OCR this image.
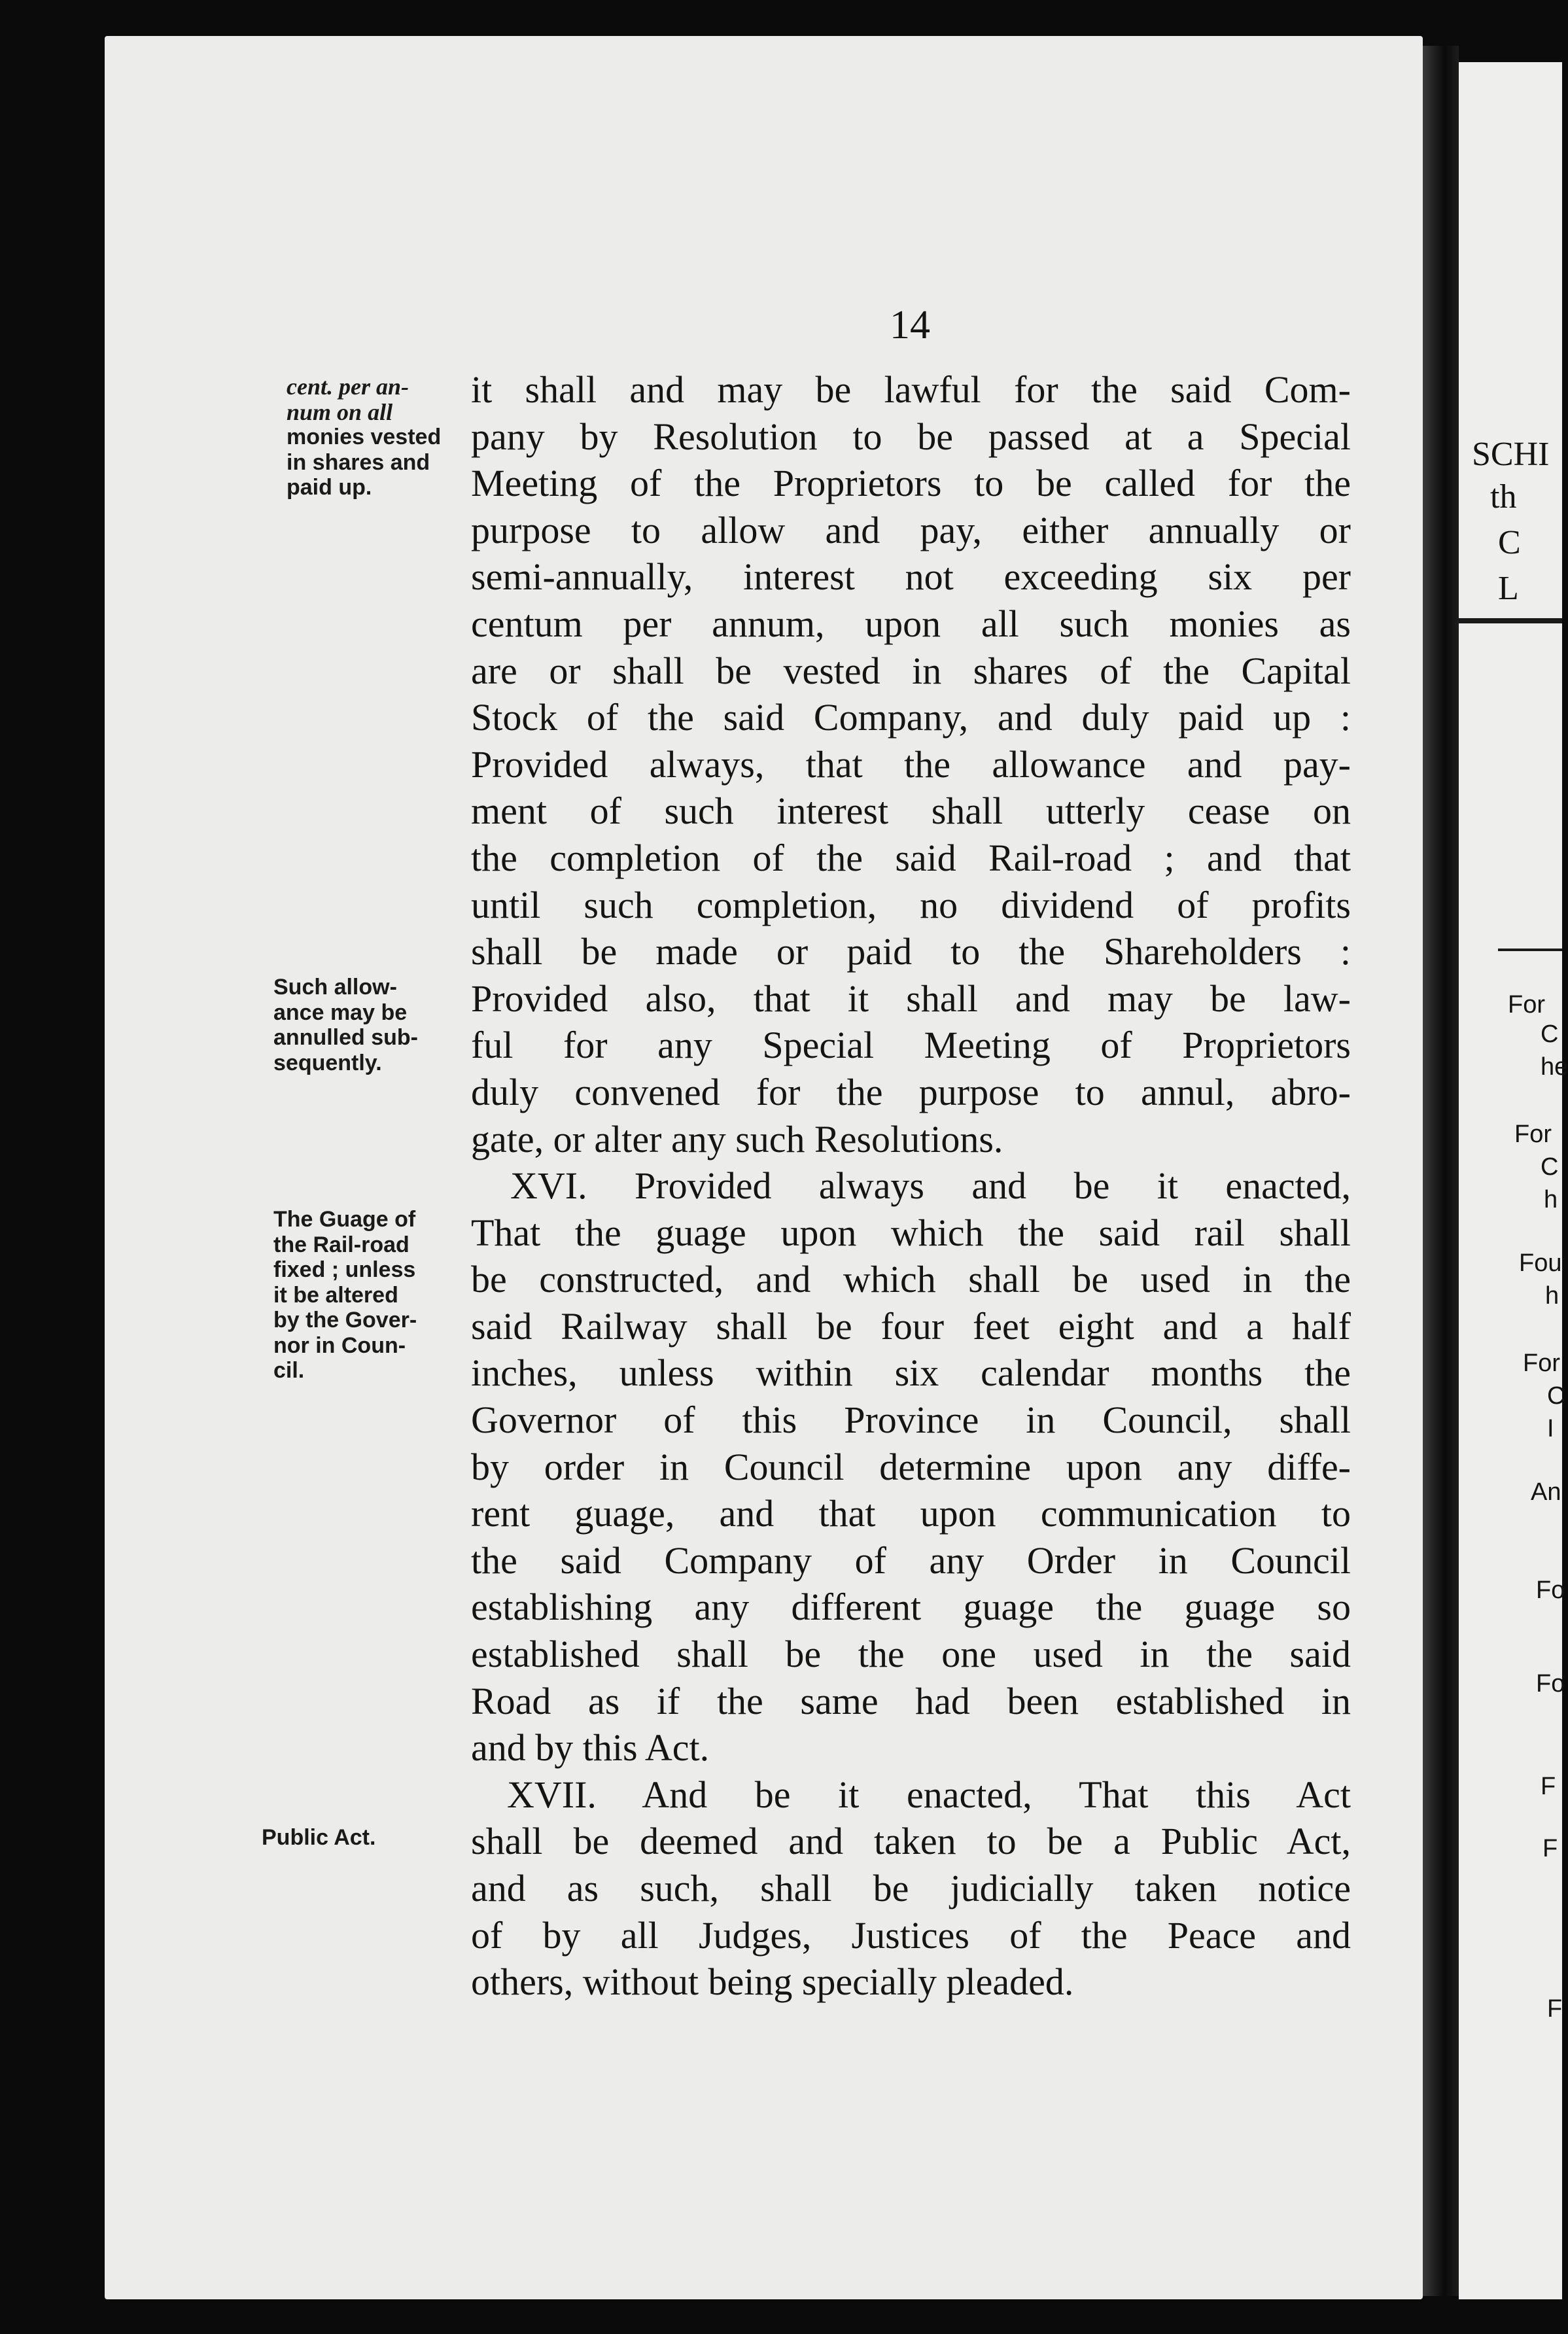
SCHI
th
C
L
For
C
he
For
C
h
Fou
h
For
C
I
An
Fo
Fo
F
F
F
14
cent. per an-
num on all
monies vested
in shares and
paid up.
Such allow-
ance may be
annulled sub-
sequently.
The Guage of
the Rail-road
fixed ; unless
it be altered
by the Gover-
nor in Coun-
cil.
Public Act.
it shall and may be lawful for the said Com-
pany by Resolution to be passed at a Special
Meeting of the Proprietors to be called for the
purpose to allow and pay, either annually or
semi-annually, interest not exceeding six per
centum per annum, upon all such monies as
are or shall be vested in shares of the Capital
Stock of the said Company, and duly paid up :
Provided always, that the allowance and pay-
ment of such interest shall utterly cease on
the completion of the said Rail-road ; and that
until such completion, no dividend of profits
shall be made or paid to the Shareholders :
Provided also, that it shall and may be law-
ful for any Special Meeting of Proprietors
duly convened for the purpose to annul, abro-
gate, or alter any such Resolutions.
XVI. Provided always and be it enacted,
That the guage upon which the said rail shall
be constructed, and which shall be used in the
said Railway shall be four feet eight and a half
inches, unless within six calendar months the
Governor of this Province in Council, shall
by order in Council determine upon any diffe-
rent guage, and that upon communication to
the said Company of any Order in Council
establishing any different guage the guage so
established shall be the one used in the said
Road as if the same had been established in
and by this Act.
XVII. And be it enacted, That this Act
shall be deemed and taken to be a Public Act,
and as such, shall be judicially taken notice
of by all Judges, Justices of the Peace and
others, without being specially pleaded.
